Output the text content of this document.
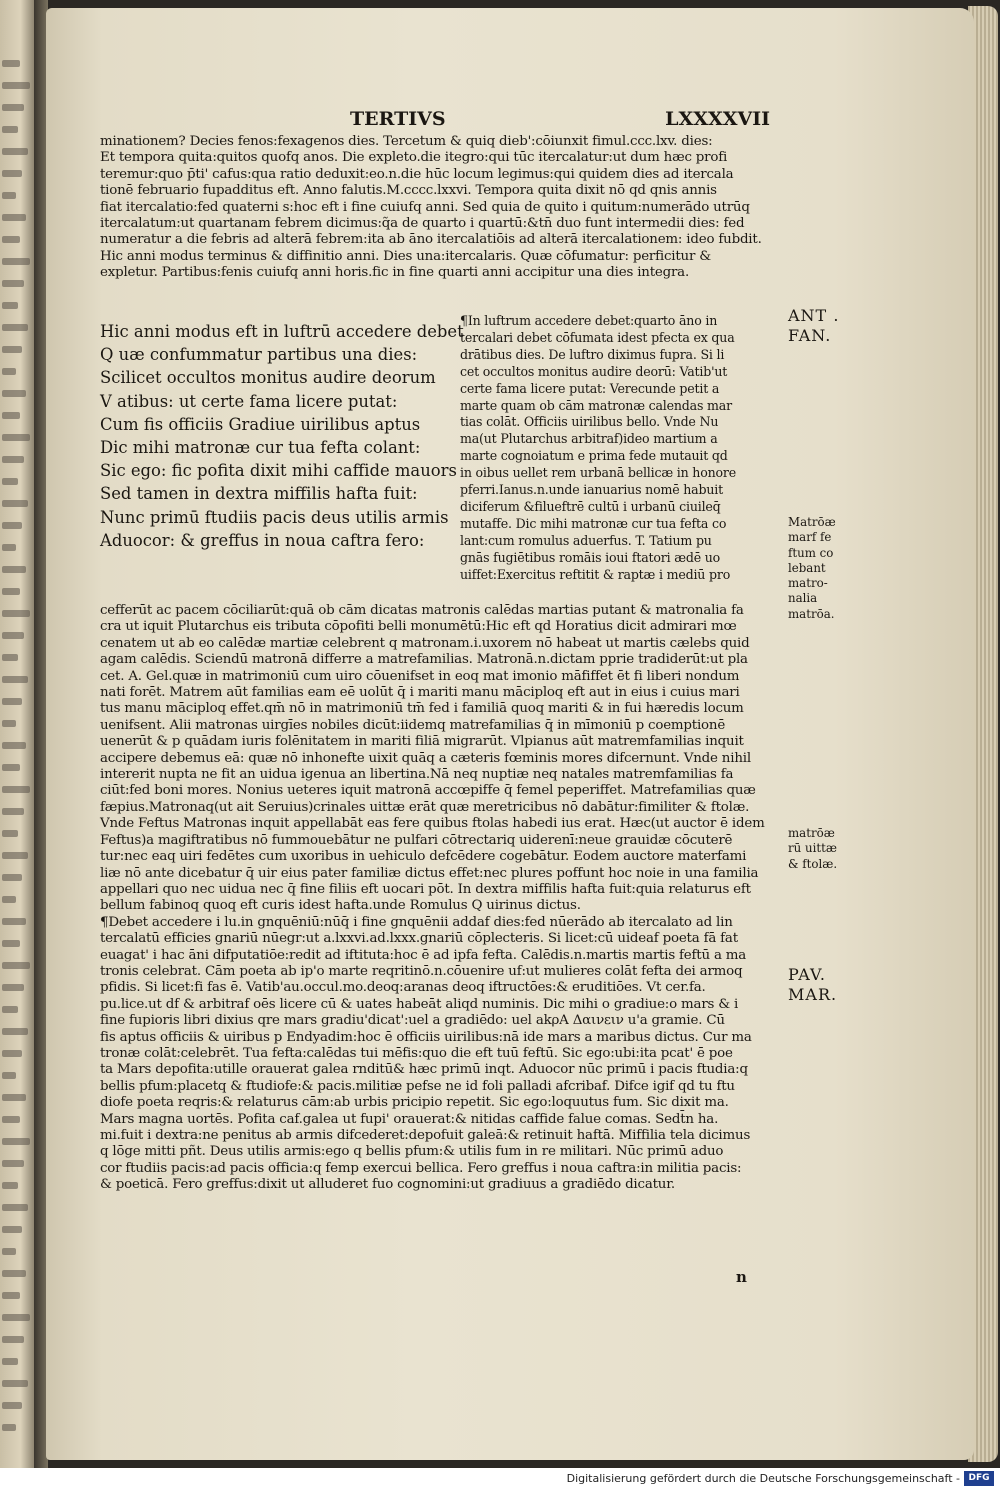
TERTIVS	LXXXXVII
minationem? Decies fenos:fexagenos dies. Tercetum & quiq dieb':cōiunxit fimul.ccc.lxv. dies:
Et tempora quita:quitos quofq anos. Die expleto.die itegro:qui tūc itercalatur:ut dum hæc profi
teremur:quo p̄ti' cafus:qua ratio deduxit:eo.n.die hūc locum legimus:qui quidem dies ad itercala
tionē februario fupadditus eft. Anno falutis.M.cccc.lxxvi. Tempora quita dixit nō qd qnis annis
fiat itercalatio:fed quaterni s:hoc eft i fine cuiufq anni. Sed quia de quito i quitum:numerādo utrūq
itercalatum:ut quartanam febrem dicimus:q̃a de quarto i quartū:&tn̄ duo funt intermedii dies: fed
numeratur a die febris ad alterā febrem:ita ab āno itercalatiōis ad alterā itercalationem: ideo fubdit.
Hic anni modus terminus & diffinitio anni. Dies una:itercalaris. Quæ cōfumatur: perficitur &
expletur. Partibus:fenis cuiufq anni horis.fic in fine quarti anni accipitur una dies integra.
Hic anni modus eft in luftrū accedere debet
Q uæ confummatur partibus una dies:
Scilicet occultos monitus audire deorum
V atibus: ut certe fama licere putat:
Cum fis officiis Gradiue uirilibus aptus
Dic mihi matronæ cur tua fefta colant:
Sic ego: fic pofita dixit mihi caffide mauors
Sed tamen in dextra miffilis hafta fuit:
Nunc primū ftudiis pacis deus utilis armis
Aduocor: & greffus in noua caftra fero:
¶In luftrum accedere debet:quarto āno in
tercalari debet cōfumata idest pfecta ex qua
drātibus dies. De luftro diximus fupra. Si li
cet occultos monitus audire deorū: Vatib'ut
certe fama licere putat: Verecunde petit a
marte quam ob cām matronæ calendas mar
tias colāt. Officiis uirilibus bello. Vnde Nu
ma(ut Plutarchus arbitraf)ideo martium a
marte cognoiatum e prima fede mutauit qd
in oibus uellet rem urbanā bellicæ in honore
pferri.Ianus.n.unde ianuarius nomē habuit
diciferum &filueftrē cultū i urbanū ciuileq̄
mutaffe. Dic mihi matronæ cur tua fefta co
lant:cum romulus aduerfus. T. Tatium pu
gnās fugiētibus romāis ioui ftatori ædē uo
uiffet:Exercitus reftitit & raptæ i mediū pro
cefferūt ac pacem cōciliarūt:quā ob cām dicatas matronis calēdas martias putant & matronalia fa
cra ut iquit Plutarchus eis tributa cōpofiti belli monumētū:Hic eft qd Horatius dicit admirari mœ
cenatem ut ab eo calēdæ martiæ celebrent q matronam.i.uxorem nō habeat ut martis cælebs quid
agam calēdis. Sciendū matronā differre a matrefamilias. Matronā.n.dictam pprie tradiderūt:ut pla
cet. A. Gel.quæ in matrimoniū cum uiro cōuenifset in eoq mat imonio māfiffet ēt fi liberi nondum
nati forēt. Matrem aūt familias eam eē uolūt q̄ i mariti manu māciploq eft aut in eius i cuius mari
tus manu māciploq effet.qm̄ nō in matrimoniū tm̄ fed i familiā quoq mariti & in fui hæredis locum
uenifsent. Alii matronas uirgīes nobiles dicūt:iidemq matrefamilias q̄ in mīmoniū p coemptionē
uenerūt & p quādam iuris folēnitatem in mariti filiā migrarūt. Vlpianus aūt matremfamilias inquit
accipere debemus eā: quæ nō inhonefte uixit quāq a cæteris fœminis mores difcernunt. Vnde nihil
intererit nupta ne fit an uidua igenua an libertina.Nā neq nuptiæ neq natales matremfamilias fa
ciūt:fed boni mores. Nonius ueteres iquit matronā accœpiffe q̄ femel peperiffet. Matrefamilias quæ
fæpius.Matronaq(ut ait Seruius)crinales uittæ erāt quæ meretricibus nō dabātur:fimiliter & ftolæ.
Vnde Feftus Matronas inquit appellabāt eas fere quibus ftolas habedi ius erat. Hæc(ut auctor ē idem
Feftus)a magiftratibus nō fummouebātur ne pulfari cōtrectariq uiderenī:neue grauidæ cōcuterē
tur:nec eaq uiri fedētes cum uxoribus in uehiculo defcēdere cogebātur. Eodem auctore materfami
liæ nō ante dicebatur q̄ uir eius pater familiæ dictus effet:nec plures poffunt hoc noie in una familia
appellari quo nec uidua nec q̄ fine filiis eft uocari pōt. In dextra miffilis hafta fuit:quia relaturus eft
bellum fabinoq quoq eft curis idest hafta.unde Romulus Q uirinus dictus.
¶Debet accedere i lu.in gnquēniū:nūq̄ i fine gnquēnii addaf dies:fed nūerādo ab itercalato ad lin
tercalatū efficies gnariū nūegr:ut a.lxxvi.ad.lxxx.gnariū cōplecteris. Si licet:cū uideaf poeta fā fat
euagat' i hac āni difputatiōe:redit ad iftituta:hoc ē ad ipfa fefta. Calēdis.n.martis martis feftū a ma
tronis celebrat. Cām poeta ab ip'o marte reqritinō.n.cōuenire uf:ut mulieres colāt fefta dei armoq
pfidis. Si licet:fi fas ē. Vatib'au.occul.mo.deoq:aranas deoq iftructōes:& eruditiōes. Vt cer.fa.
pu.lice.ut df & arbitraf oēs licere cū & uates habeāt aliqd numinis. Dic mihi o gradiue:o mars & i
fine fupioris libri dixius qre mars gradiu'dicat':uel a gradiēdo: uel akρA Δαινειν u'a gramie. Cū
fis aptus officiis & uiribus p Endyadim:hoc ē officiis uirilibus:nā ide mars a maribus dictus. Cur ma
tronæ colāt:celebrēt. Tua fefta:calēdas tui mēfis:quo die eft tuū feftū. Sic ego:ubi:ita pcat' ē poe
ta Mars depofita:utille orauerat galea rnditū& hæc primū inqt. Aduocor nūc primū i pacis ftudia:q
bellis pfum:placetq & ftudiofe:& pacis.militiæ pefse ne id foli palladi afcribaf. Difce igif qd tu ftu
diofe poeta reqris:& relaturus cām:ab urbis pricipio repetit. Sic ego:loquutus fum. Sic dixit ma.
Mars magna uortēs. Pofita caf.galea ut fupi' orauerat:& nitidas caffide falue comas. Sedt̄n ha.
mi.fuit i dextra:ne penitus ab armis difcederet:depofuit galeā:& retinuit haftā. Miffilia tela dicimus
q lōge mitti pñt. Deus utilis armis:ego q bellis pfum:& utilis fum in re militari. Nūc primū aduo
cor ftudiis pacis:ad pacis officia:q femp exercui bellica. Fero greffus i noua caftra:in militia pacis:
& poeticā. Fero greffus:dixit ut alluderet fuo cognomini:ut gradiuus a gradiēdo dicatur.
ANT .
FAN.
Matrōæ
marf fe
ftum co
lebant
matro-
nalia
matrōa.
matrōæ
rū uittæ
& ftolæ.
PAV.
MAR.
n
Digitalisierung gefördert durch die Deutsche Forschungsgemeinschaft - DFG
